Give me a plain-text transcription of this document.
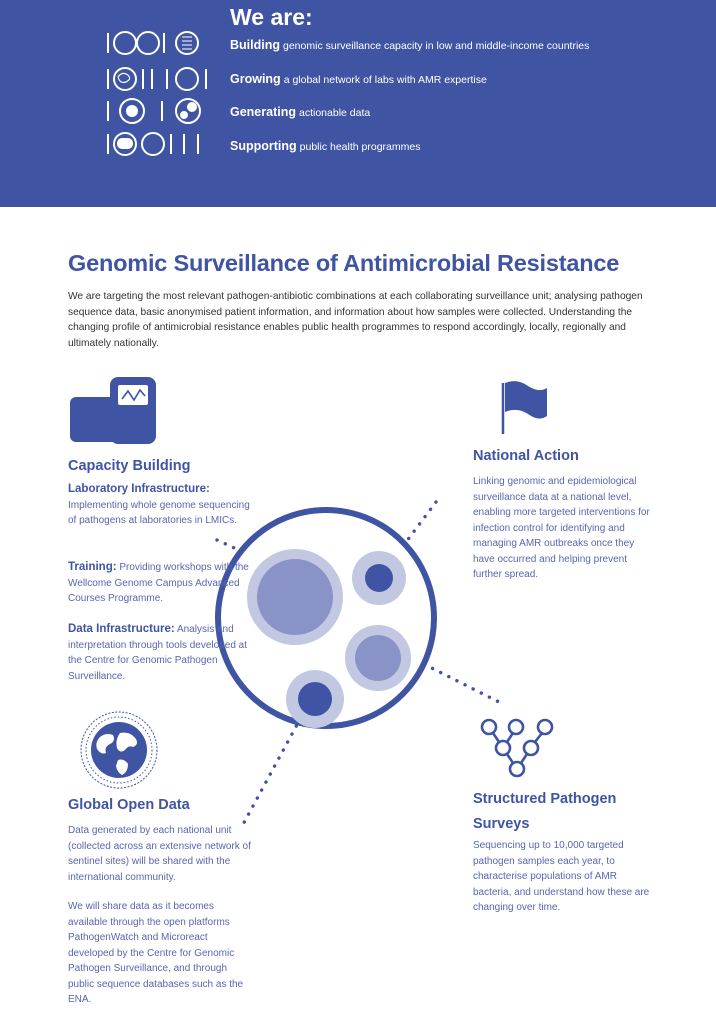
We are:
Building genomic surveillance capacity in low and middle-income countries
Growing a global network of labs with AMR expertise
Generating actionable data
Supporting public health programmes
Genomic Surveillance of Antimicrobial Resistance

We are targeting the most relevant pathogen-antibiotic combinations at each collaborating surveillance unit; analysing pathogen sequence data, basic anonymised patient information, and information about how samples were collected. Understanding the changing profile of antimicrobial resistance enables public health programmes to respond accordingly, locally, regionally and ultimately nationally.

Capacity Building

Laboratory Infrastructure:
Implementing whole genome sequencing of pathogens at laboratories in LMICs.

Training: Providing workshops with the Wellcome Genome Campus Advanced Courses Programme.

Data Infrastructure: Analysis and interpretation through tools developed at the Centre for Genomic Pathogen Surveillance.

National Action

Linking genomic and epidemiological surveillance data at a national level, enabling more targeted interventions for infection control for identifying and managing AMR outbreaks once they have occurred and helping prevent further spread.

Global Open Data

Data generated by each national unit (collected across an extensive network of sentinel sites) will be shared with the international community.

We will share data as it becomes available through the open platforms PathogenWatch and Microreact developed by the Centre for Genomic Pathogen Surveillance, and through public sequence databases such as the ENA.

Structured Pathogen Surveys

Sequencing up to 10,000 targeted pathogen samples each year, to characterise populations of AMR bacteria, and understand how these are changing over time.
